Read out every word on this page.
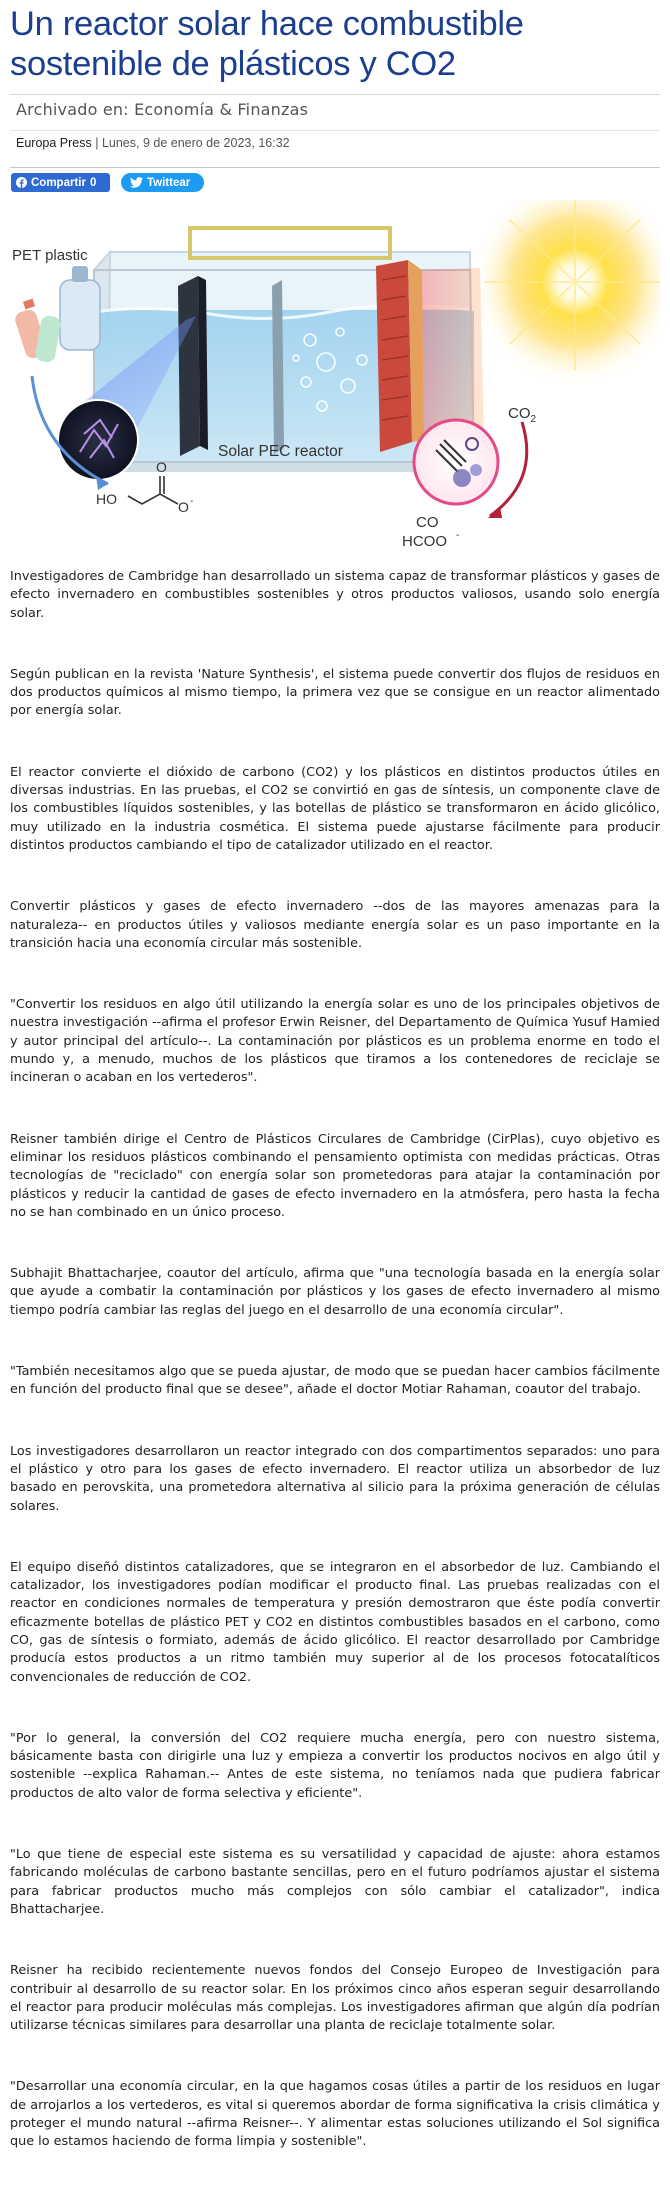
Un reactor solar hace combustible sostenible de plásticos y CO2
Archivado en: Economía & Finanzas
Europa Press | Lunes, 9 de enero de 2023, 16:32
Compartir 0	Twittear
PET plastic
HO
O
O -
Solar PEC reactor
$CO_2$
CO
HCOO -

Investigadores de Cambridge han desarrollado un sistema capaz de transformar plásticos y gases de efecto invernadero en combustibles sostenibles y otros productos valiosos, usando solo energía solar.

Según publican en la revista 'Nature Synthesis', el sistema puede convertir dos flujos de residuos en dos productos químicos al mismo tiempo, la primera vez que se consigue en un reactor alimentado por energía solar.

El reactor convierte el dióxido de carbono (CO2) y los plásticos en distintos productos útiles en diversas industrias. En las pruebas, el CO2 se convirtió en gas de síntesis, un componente clave de los combustibles líquidos sostenibles, y las botellas de plástico se transformaron en ácido glicólico, muy utilizado en la industria cosmética. El sistema puede ajustarse fácilmente para producir distintos productos cambiando el tipo de catalizador utilizado en el reactor.

Convertir plásticos y gases de efecto invernadero --dos de las mayores amenazas para la naturaleza-- en productos útiles y valiosos mediante energía solar es un paso importante en la transición hacia una economía circular más sostenible.

"Convertir los residuos en algo útil utilizando la energía solar es uno de los principales objetivos de nuestra investigación --afirma el profesor Erwin Reisner, del Departamento de Química Yusuf Hamied y autor principal del artículo--. La contaminación por plásticos es un problema enorme en todo el mundo y, a menudo, muchos de los plásticos que tiramos a los contenedores de reciclaje se incineran o acaban en los vertederos".

Reisner también dirige el Centro de Plásticos Circulares de Cambridge (CirPlas), cuyo objetivo es eliminar los residuos plásticos combinando el pensamiento optimista con medidas prácticas. Otras tecnologías de "reciclado" con energía solar son prometedoras para atajar la contaminación por plásticos y reducir la cantidad de gases de efecto invernadero en la atmósfera, pero hasta la fecha no se han combinado en un único proceso.

Subhajit Bhattacharjee, coautor del artículo, afirma que "una tecnología basada en la energía solar que ayude a combatir la contaminación por plásticos y los gases de efecto invernadero al mismo tiempo podría cambiar las reglas del juego en el desarrollo de una economía circular".

"También necesitamos algo que se pueda ajustar, de modo que se puedan hacer cambios fácilmente en función del producto final que se desee", añade el doctor Motiar Rahaman, coautor del trabajo.

Los investigadores desarrollaron un reactor integrado con dos compartimentos separados: uno para el plástico y otro para los gases de efecto invernadero. El reactor utiliza un absorbedor de luz basado en perovskita, una prometedora alternativa al silicio para la próxima generación de células solares.

El equipo diseñó distintos catalizadores, que se integraron en el absorbedor de luz. Cambiando el catalizador, los investigadores podían modificar el producto final. Las pruebas realizadas con el reactor en condiciones normales de temperatura y presión demostraron que éste podía convertir eficazmente botellas de plástico PET y CO2 en distintos combustibles basados en el carbono, como CO, gas de síntesis o formiato, además de ácido glicólico. El reactor desarrollado por Cambridge producía estos productos a un ritmo también muy superior al de los procesos fotocatalíticos convencionales de reducción de CO2.

"Por lo general, la conversión del CO2 requiere mucha energía, pero con nuestro sistema, básicamente basta con dirigirle una luz y empieza a convertir los productos nocivos en algo útil y sostenible --explica Rahaman.-- Antes de este sistema, no teníamos nada que pudiera fabricar productos de alto valor de forma selectiva y eficiente".

"Lo que tiene de especial este sistema es su versatilidad y capacidad de ajuste: ahora estamos fabricando moléculas de carbono bastante sencillas, pero en el futuro podríamos ajustar el sistema para fabricar productos mucho más complejos con sólo cambiar el catalizador", indica Bhattacharjee.

Reisner ha recibido recientemente nuevos fondos del Consejo Europeo de Investigación para contribuir al desarrollo de su reactor solar. En los próximos cinco años esperan seguir desarrollando el reactor para producir moléculas más complejas. Los investigadores afirman que algún día podrían utilizarse técnicas similares para desarrollar una planta de reciclaje totalmente solar.

"Desarrollar una economía circular, en la que hagamos cosas útiles a partir de los residuos en lugar de arrojarlos a los vertederos, es vital si queremos abordar de forma significativa la crisis climática y proteger el mundo natural --afirma Reisner--. Y alimentar estas soluciones utilizando el Sol significa que lo estamos haciendo de forma limpia y sostenible".
